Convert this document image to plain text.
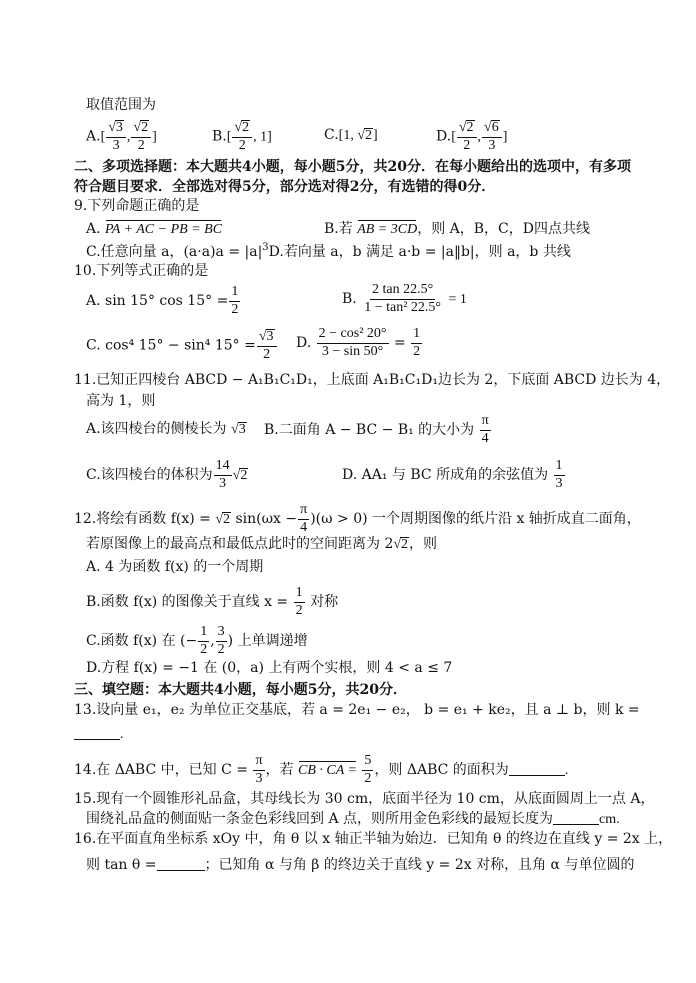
取值范围为
$A.[ \frac{√3}{3}$ , $\frac{√2}{2}$ ]	$B.[ \frac{√2}{2}$ , 1]	C.[1, √2]	$D.[ \frac{√2}{2}$ , $\frac{√6}{3}$ ]
二、多项选择题：本大题共4小题，每小题5分，共20分．在每小题给出的选项中，有多项
符合题目要求．全部选对得5分，部分选对得2分，有选错的得0分．
9.下列命题正确的是
A. PA + AC − PB = BC	B.若 AB = 3CD，则 A，B，C，D四点共线
C.任意向量 a，$(a\cdot a)a = |a|^3D$.若向量 a，b 满足 a·b = |a‖b|，则 a，b 共线
10.下列等式正确的是
A. sin 15° $\cos 15^\circ = \frac{1}{2}$	B. $\frac{2 \tan 22.5^\circ}{\text{1 − tan² 22.5°}} = 1$
C. cos⁴ 15° − sin⁴ $15^\circ = \frac{√3}{2} D$. $\frac{\text{2 − cos² 20°}}{3 - \sin 50^\circ} = \frac{1}{2}$
11.已知正四棱台 ABCD − A₁B₁C₁D₁，上底面 A₁B₁C₁D₁边长为 2，下底面 ABCD 边长为 4，
高为 1，则
A.该四棱台的侧棱长为 √3 B.二面角 A − BC − B₁ 的大小为 $\frac{\pi}{4}$
C.该四棱台的体积为 $\frac{14}{3} √2$	D. AA₁ 与 BC 所成角的余弦值为 $\frac{1}{3}$
12.将绘有函数 f(x) = √2 $\sin(\omega x - \frac{\pi}{4} )(\omega > 0)$ 一个周期图像的纸片沿 x 轴折成直二面角，
若原图像上的最高点和最低点此时的空间距离为 2√2，则
A. 4 为函数 f(x) 的一个周期
B.函数 f(x) 的图像关于直线 $x = \frac{1}{2}$ 对称
C.函数 f(x) 在 (− $\frac{1}{2}$ , $\frac{3}{2}$ ) 上单调递增
D.方程 f(x) = −1 在 (0，a) 上有两个实根，则 4 < a ≤ 7
三、填空题：本大题共4小题，每小题5分，共20分．
13.设向量 e₁，e₂ 为单位正交基底，若 a = 2e₁ − e₂， b = e₁ + ke₂，且 a ⊥ b，则 k =
.
14.在 ΔABC 中，已知 $C = \frac{\pi}{3}$ ，若 CB · CA = $\frac{5}{2}$ ，则 ΔABC 的面积为	.
15.现有一个圆锥形礼品盒，其母线长为 30 cm，底面半径为 10 cm，从底面圆周上一点 A，
围绕礼品盒的侧面贴一条金色彩线回到 A 点，则所用金色彩线的最短长度为	cm.
16.在平面直角坐标系 xOy 中，角 θ 以 x 轴正半轴为始边．已知角 θ 的终边在直线 y = 2x 上，
则 tan θ =	；已知角 α 与角 β 的终边关于直线 y = 2x 对称，且角 α 与单位圆的
